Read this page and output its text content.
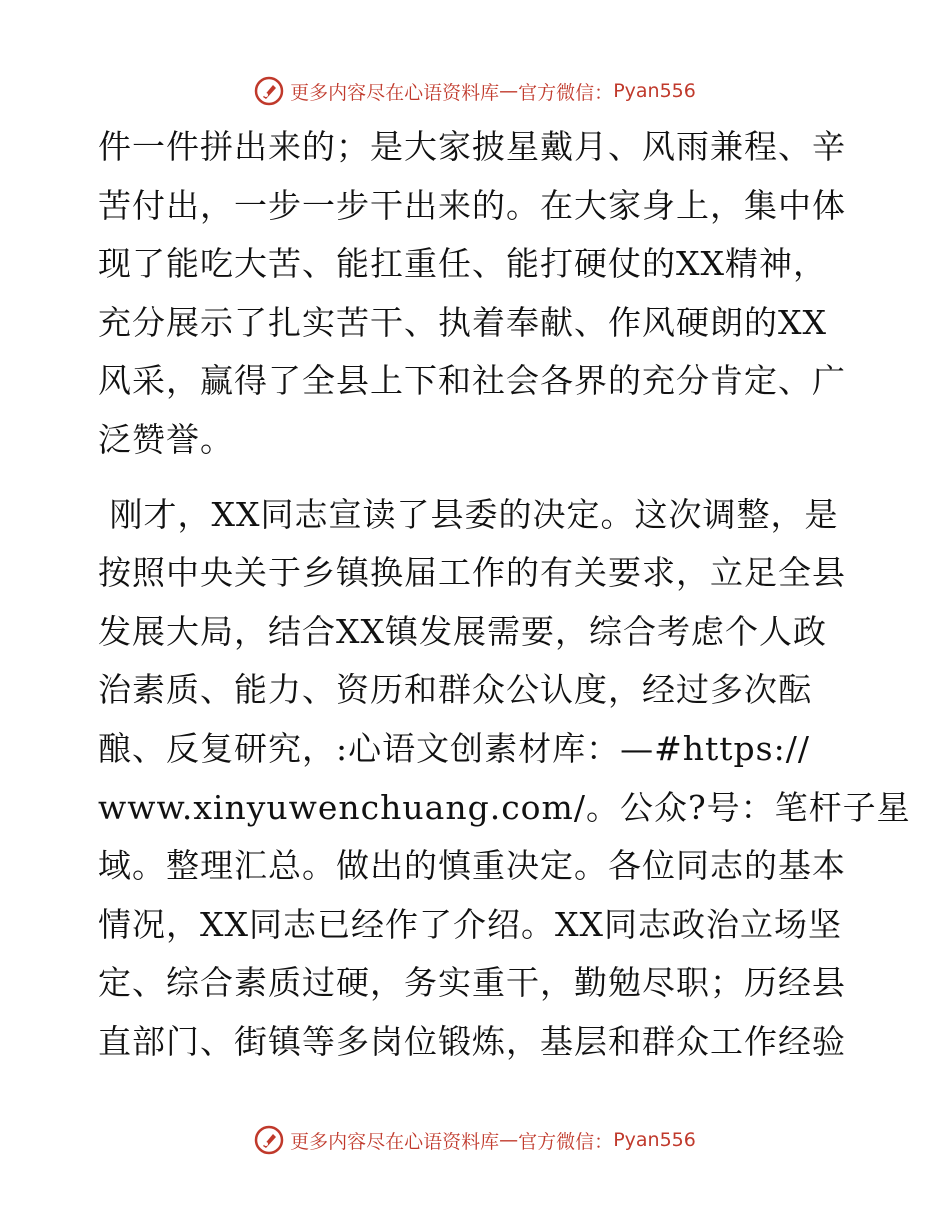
更多内容尽在心语资料库 — 官方微信： Pyan556
件一件拼出来的；是大家披星戴月、风雨兼程、辛
苦付出，一步一步干出来的。在大家身上，集中体
现了能吃大苦、能扛重任、能打硬仗的XX精神，
充分展示了扎实苦干、执着奉献、作风硬朗的XX
风采，赢得了全县上下和社会各界的充分肯定、广
泛赞誉。
刚才，XX同志宣读了县委的决定。这次调整，是
按照中央关于乡镇换届工作的有关要求，立足全县
发展大局，结合XX镇发展需要，综合考虑个人政
治素质、能力、资历和群众公认度，经过多次酝
酿、反复研究，:心语文创素材库：—#https://
www.xinyuwenchuang.com/。公众?号：笔杆子星
域。整理汇总。做出的慎重决定。各位同志的基本
情况，XX同志已经作了介绍。XX同志政治立场坚
定、综合素质过硬，务实重干，勤勉尽职；历经县
直部门、街镇等多岗位锻炼，基层和群众工作经验
更多内容尽在心语资料库 — 官方微信： Pyan556
